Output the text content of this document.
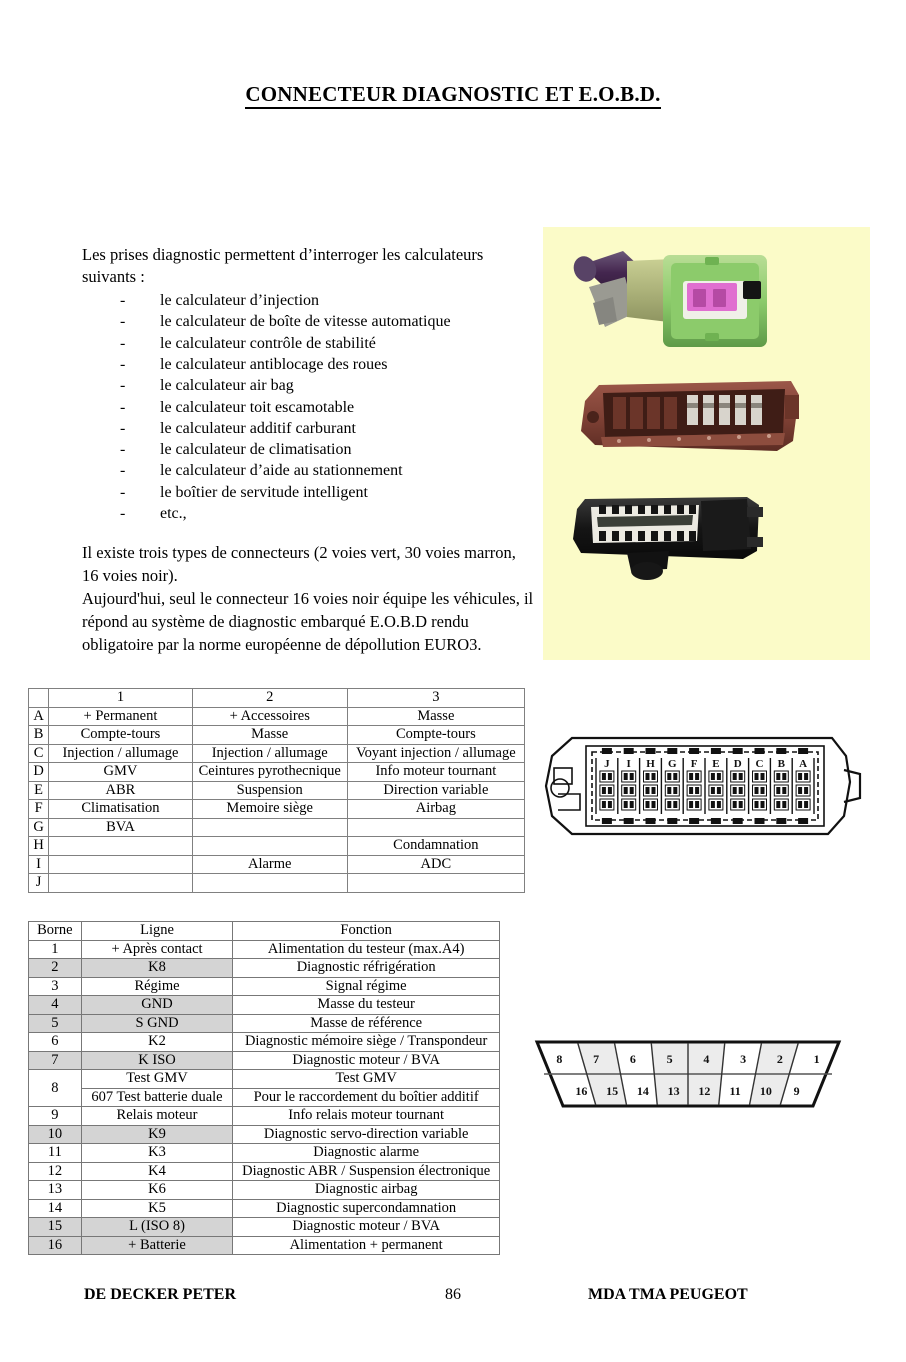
CONNECTEUR DIAGNOSTIC ET E.O.B.D.

Les prises diagnostic permettent d’interroger les calculateurs suivants :

- le calculateur d’injection
- le calculateur de boîte de vitesse automatique
- le calculateur contrôle de stabilité
- le calculateur antiblocage des roues
- le calculateur air bag
- le calculateur toit escamotable
- le calculateur additif carburant
- le calculateur de climatisation
- le calculateur d’aide au stationnement
- le boîtier de servitude intelligent
- etc.,

Il existe trois types de connecteurs (2 voies vert, 30 voies marron, 16 voies noir).

Aujourd'hui, seul le connecteur 16 voies noir équipe les véhicules, il répond au système de diagnostic embarqué E.O.B.D rendu obligatoire par la norme européenne de dépollution EURO3.

	1	2	3
A	+ Permanent	+ Accessoires	Masse
B	Compte-tours	Masse	Compte-tours
C	Injection / allumage	Injection / allumage	Voyant injection / allumage
D	GMV	Ceintures pyrothecnique	Info moteur tournant
E	ABR	Suspension	Direction variable
F	Climatisation	Memoire siège	Airbag
G	BVA		
H			Condamnation
I		Alarme	ADC
J			
J I H G F E D C B A
Borne	Ligne	Fonction
1	+ Après contact	Alimentation du testeur (max.A4)
2	K8	Diagnostic réfrigération
3	Régime	Signal régime
4	GND	Masse du testeur
5	S GND	Masse de référence
6	K2	Diagnostic mémoire siège / Transpondeur
7	K ISO	Diagnostic moteur / BVA
8	Test GMV	Test GMV
	607 Test batterie duale	Pour le raccordement du boîtier additif
9	Relais moteur	Info relais moteur tournant
10	K9	Diagnostic servo-direction variable
11	K3	Diagnostic alarme
12	K4	Diagnostic ABR / Suspension électronique
13	K6	Diagnostic airbag
14	K5	Diagnostic supercondamnation
15	L (ISO 8)	Diagnostic moteur / BVA
16	+ Batterie	Alimentation + permanent
8
16
7
15
6
14
5
13
4
12
3
11
2
10
1
9
DE DECKER PETER	86	MDA TMA PEUGEOT
